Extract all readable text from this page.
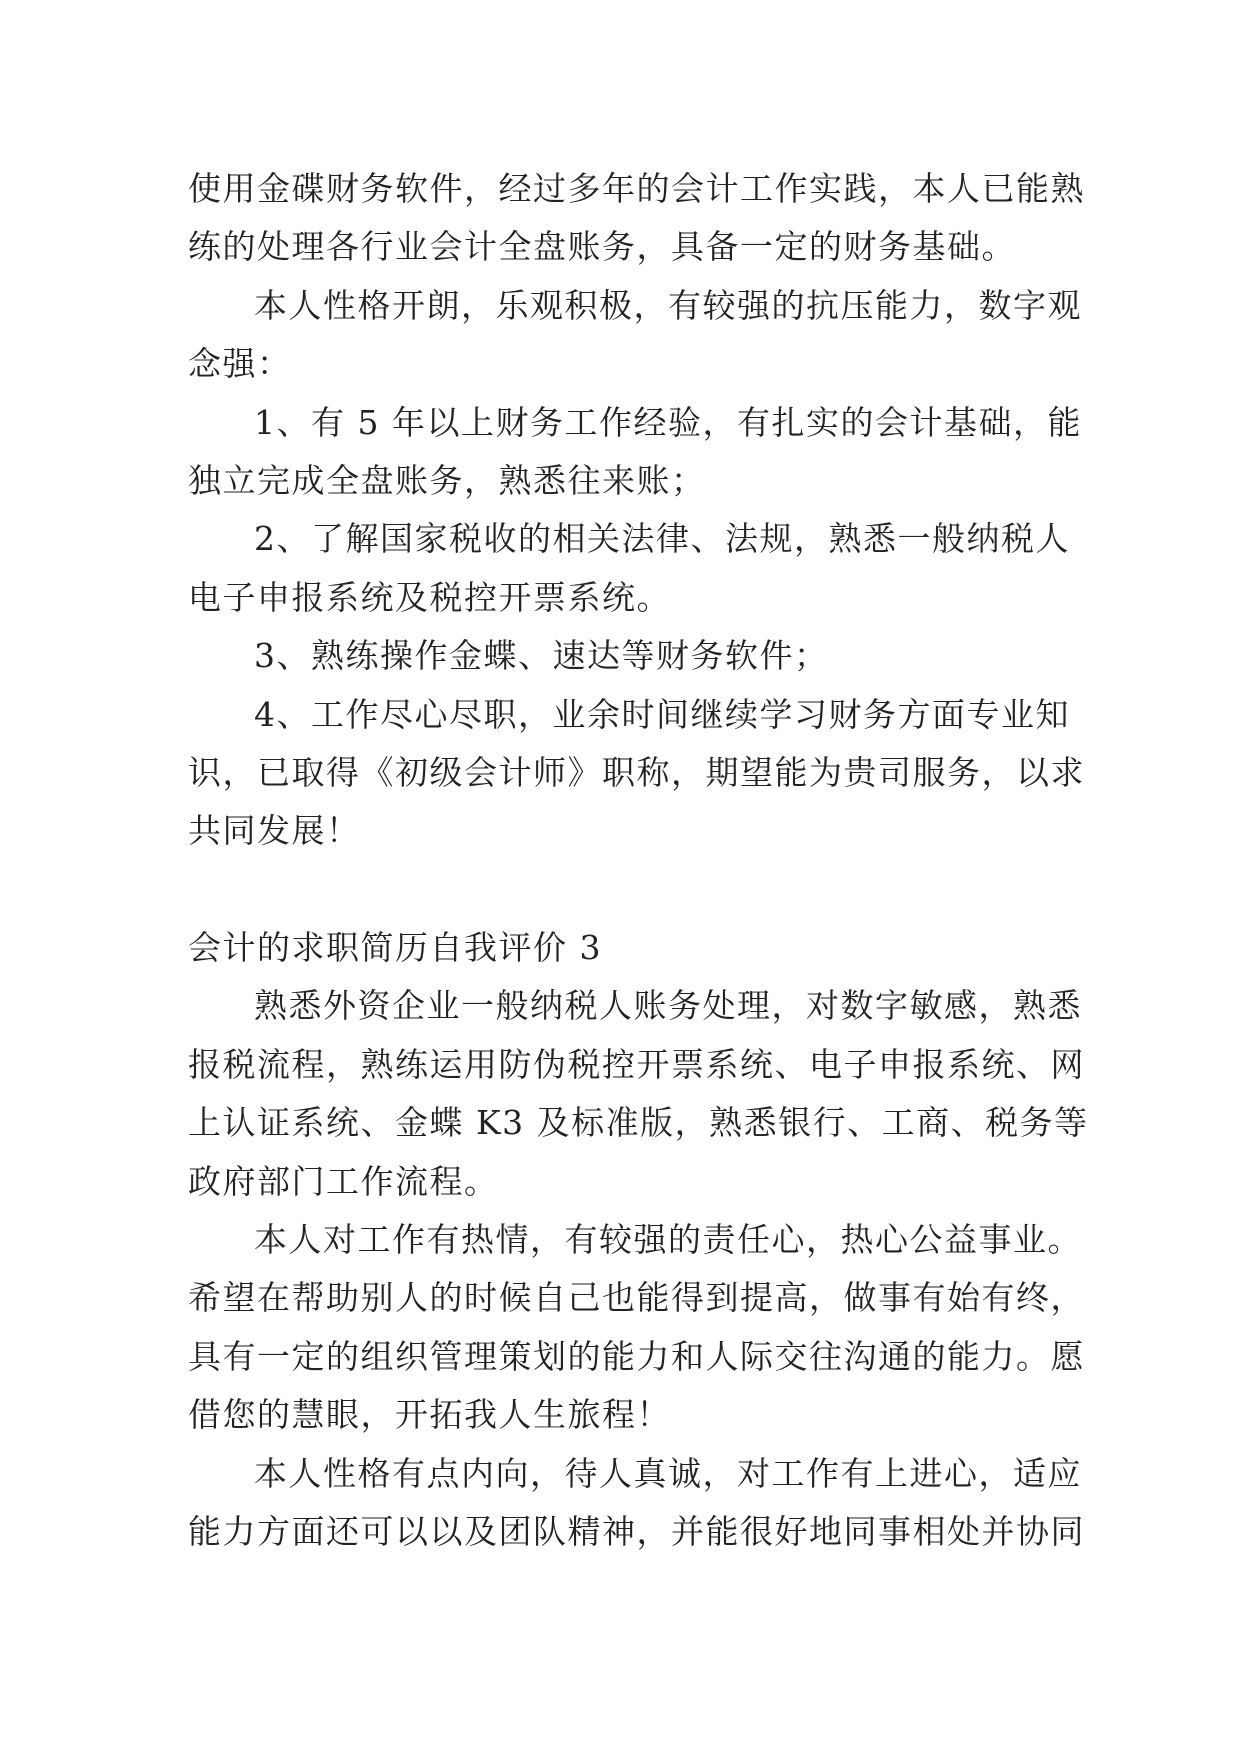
使用金碟财务软件，经过多年的会计工作实践，本人已能熟
练的处理各行业会计全盘账务，具备一定的财务基础。
本人性格开朗，乐观积极，有较强的抗压能力，数字观
念强：
1、有 5 年以上财务工作经验，有扎实的会计基础，能
独立完成全盘账务，熟悉往来账；
2、了解国家税收的相关法律、法规，熟悉一般纳税人
电子申报系统及税控开票系统。
3、熟练操作金蝶、速达等财务软件；
4、工作尽心尽职，业余时间继续学习财务方面专业知
识，已取得《初级会计师》职称，期望能为贵司服务，以求
共同发展！
会计的求职简历自我评价 3
熟悉外资企业一般纳税人账务处理，对数字敏感，熟悉
报税流程，熟练运用防伪税控开票系统、电子申报系统、网
上认证系统、金蝶 K3 及标准版，熟悉银行、工商、税务等
政府部门工作流程。
本人对工作有热情，有较强的责任心，热心公益事业。
希望在帮助别人的时候自己也能得到提高，做事有始有终，
具有一定的组织管理策划的能力和人际交往沟通的能力。愿
借您的慧眼，开拓我人生旅程！
本人性格有点内向，待人真诚，对工作有上进心，适应
能力方面还可以以及团队精神，并能很好地同事相处并协同
